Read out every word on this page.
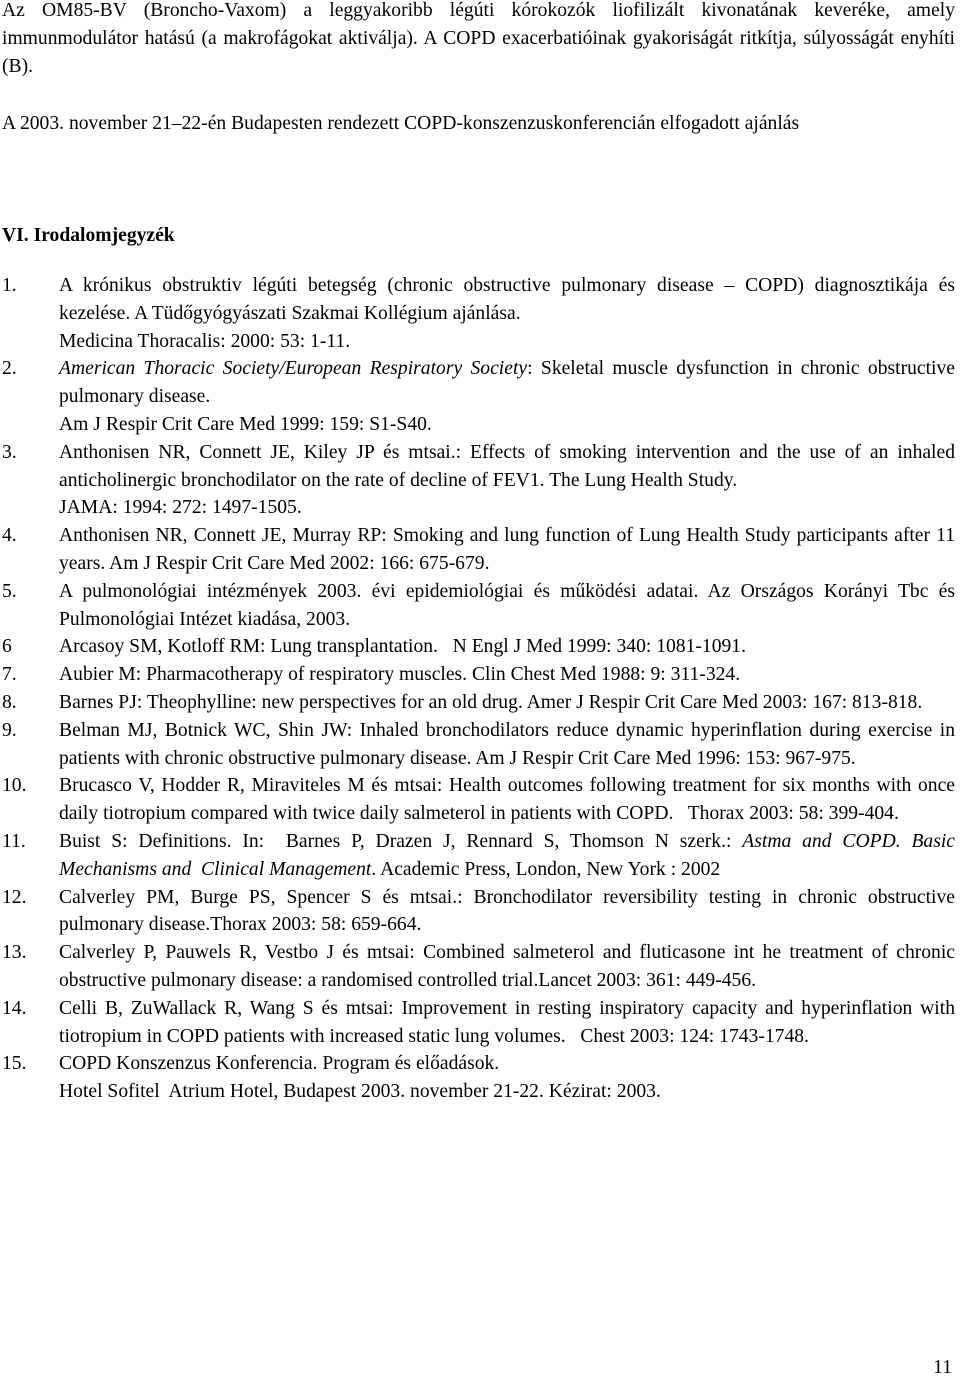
Az OM85-BV (Broncho-Vaxom) a leggyakoribb légúti kórokozók liofilizált kivonatának keveréke, amely immunmodulátor hatású (a makrofágokat aktiválja). A COPD exacerbatióinak gyakoriságát ritkítja, súlyosságát enyhíti (B).

A 2003. november 21–22-én Budapesten rendezett COPD-konszenzuskonferencián elfogadott ajánlás

VI. Irodalomjegyzék
1.	A krónikus obstruktiv légúti betegség (chronic obstructive pulmonary disease – COPD) diagnosztikája és kezelése. A Tüdőgyógyászati Szakmai Kollégium ajánlása.
Medicina Thoracalis: 2000: 53: 1-11.
2.	American Thoracic Society/European Respiratory Society: Skeletal muscle dysfunction in chronic obstructive pulmonary disease.
Am J Respir Crit Care Med 1999: 159: S1-S40.
3.	Anthonisen NR, Connett JE, Kiley JP és mtsai.: Effects of smoking intervention and the use of an inhaled anticholinergic bronchodilator on the rate of decline of FEV1. The Lung Health Study.
JAMA: 1994: 272: 1497-1505.
4.	Anthonisen NR, Connett JE, Murray RP: Smoking and lung function of Lung Health Study participants after 11 years. Am J Respir Crit Care Med 2002: 166: 675-679.
5.	A pulmonológiai intézmények 2003. évi epidemiológiai és működési adatai. Az Országos Korányi Tbc és Pulmonológiai Intézet kiadása, 2003.
6	Arcasoy SM, Kotloff RM: Lung transplantation.   N Engl J Med 1999: 340: 1081-1091.
7.	Aubier M: Pharmacotherapy of respiratory muscles. Clin Chest Med 1988: 9: 311-324.
8.	Barnes PJ: Theophylline: new perspectives for an old drug. Amer J Respir Crit Care Med 2003: 167: 813-818.
9.	Belman MJ, Botnick WC, Shin JW: Inhaled bronchodilators reduce dynamic hyperinflation during exercise in patients with chronic obstructive pulmonary disease. Am J Respir Crit Care Med 1996: 153: 967-975.
10.	Brucasco V, Hodder R, Miraviteles M és mtsai: Health outcomes following treatment for six months with once daily tiotropium compared with twice daily salmeterol in patients with COPD.   Thorax 2003: 58: 399-404.
11.	Buist S: Definitions. In:  Barnes P, Drazen J, Rennard S, Thomson N szerk.: Astma and COPD. Basic Mechanisms and  Clinical Management. Academic Press, London, New York : 2002
12.	Calverley PM, Burge PS, Spencer S és mtsai.: Bronchodilator reversibility testing in chronic obstructive pulmonary disease.Thorax 2003: 58: 659-664.
13.	Calverley P, Pauwels R, Vestbo J és mtsai: Combined salmeterol and fluticasone int he treatment of chronic obstructive pulmonary disease: a randomised controlled trial.Lancet 2003: 361: 449-456.
14.	Celli B, ZuWallack R, Wang S és mtsai: Improvement in resting inspiratory capacity and hyperinflation with tiotropium in COPD patients with increased static lung volumes.   Chest 2003: 124: 1743-1748.
15.	COPD Konszenzus Konferencia. Program és előadások.
Hotel Sofitel  Atrium Hotel, Budapest 2003. november 21-22. Kézirat: 2003.

11
